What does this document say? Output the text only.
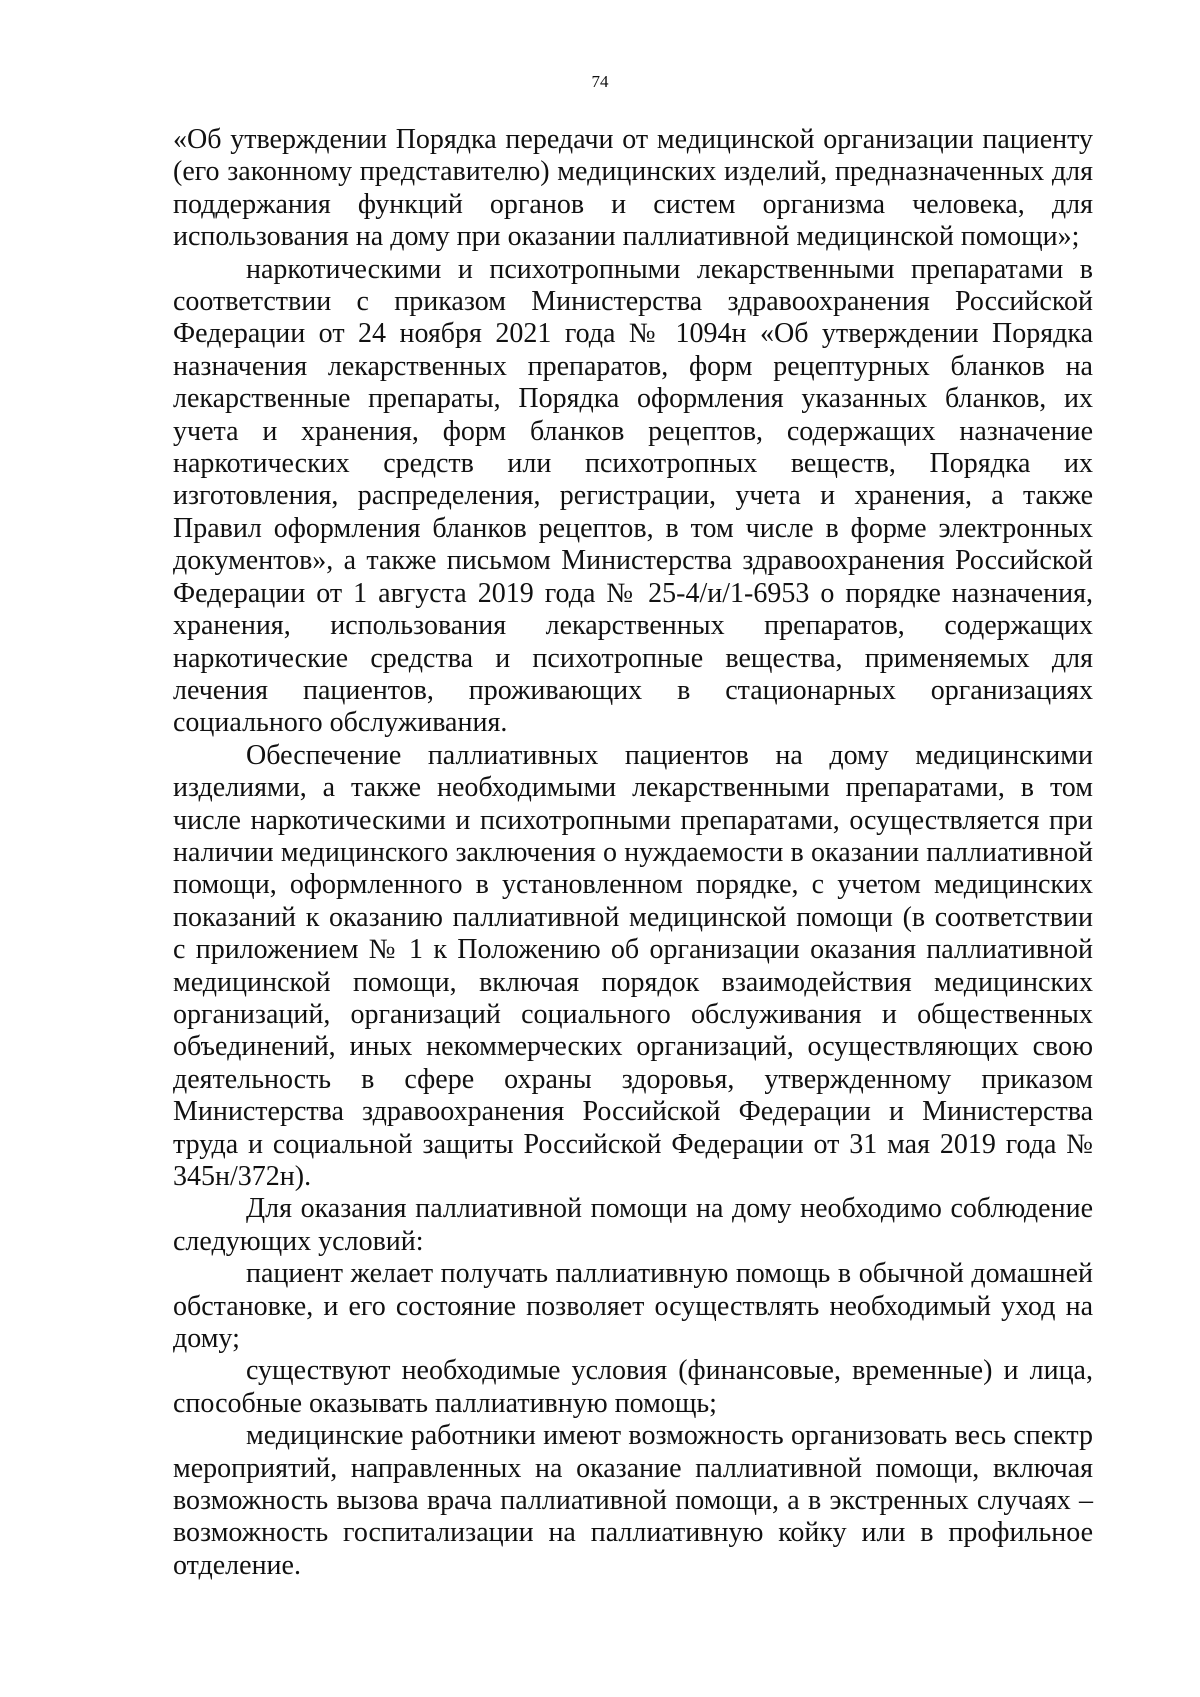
74

«Об утверждении Порядка передачи от медицинской организации пациенту (его законному представителю) медицинских изделий, предназначенных для поддержания функций органов и систем организма человека, для использования на дому при оказании паллиативной медицинской помощи»;

наркотическими и психотропными лекарственными препаратами в соответствии с приказом Министерства здравоохранения Российской Федерации от 24 ноября 2021 года № 1094н «Об утверждении Порядка назначения лекарственных препаратов, форм рецептурных бланков на лекарственные препараты, Порядка оформления указанных бланков, их учета и хранения, форм бланков рецептов, содержащих назначение наркотических средств или психотропных веществ, Порядка их изготовления, распределения, регистрации, учета и хранения, а также Правил оформления бланков рецептов, в том числе в форме электронных документов», а также письмом Министерства здравоохранения Российской Федерации от 1 августа 2019 года № 25-4/и/1-6953 о порядке назначения, хранения, использования лекарственных препаратов, содержащих наркотические средства и психотропные вещества, применяемых для лечения пациентов, проживающих в стационарных организациях социального обслуживания.

Обеспечение паллиативных пациентов на дому медицинскими изделиями, а также необходимыми лекарственными препаратами, в том числе наркотическими и психотропными препаратами, осуществляется при наличии медицинского заключения о нуждаемости в оказании паллиативной помощи, оформленного в установленном порядке, с учетом медицинских показаний к оказанию паллиативной медицинской помощи (в соответствии с приложением № 1 к Положению об организации оказания паллиативной медицинской помощи, включая порядок взаимодействия медицинских организаций, организаций социального обслуживания и общественных объединений, иных некоммерческих организаций, осуществляющих свою деятельность в сфере охраны здоровья, утвержденному приказом Министерства здравоохранения Российской Федерации и Министерства труда и социальной защиты Российской Федерации от 31 мая 2019 года № 345н/372н).

Для оказания паллиативной помощи на дому необходимо соблюдение следующих условий:

пациент желает получать паллиативную помощь в обычной домашней обстановке, и его состояние позволяет осуществлять необходимый уход на дому;

существуют необходимые условия (финансовые, временные) и лица, способные оказывать паллиативную помощь;

медицинские работники имеют возможность организовать весь спектр мероприятий, направленных на оказание паллиативной помощи, включая возможность вызова врача паллиативной помощи, а в экстренных случаях – возможность госпитализации на паллиативную койку или в профильное отделение.
